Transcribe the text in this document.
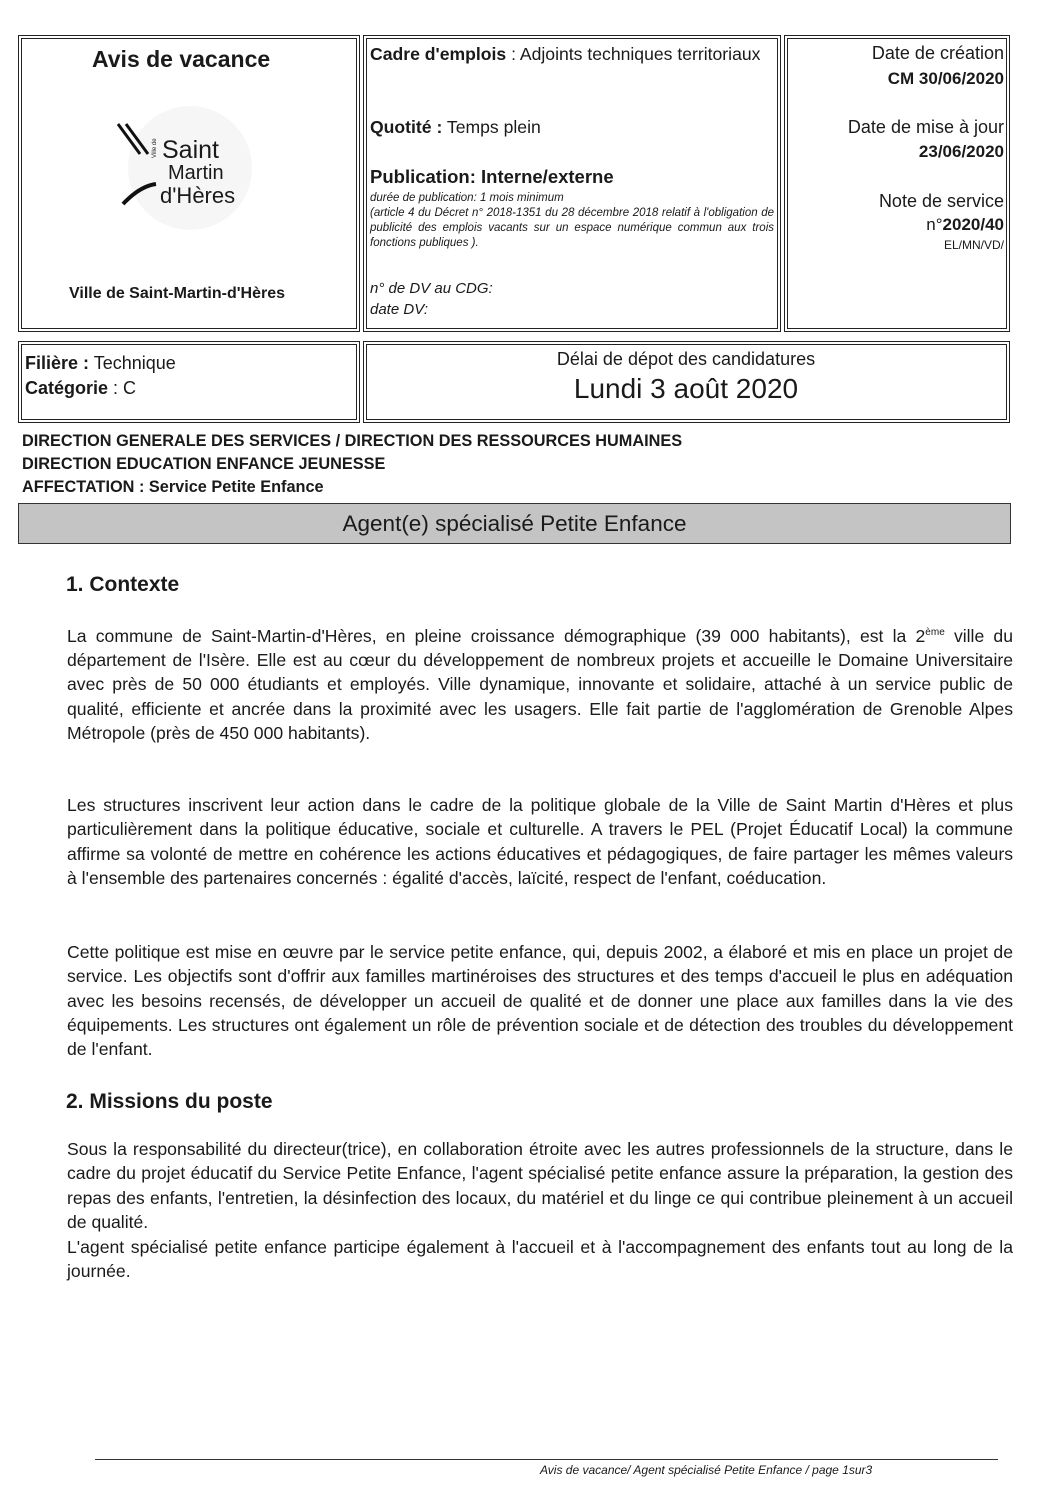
Avis de vacance
Ville de Saint
Martin
d'Hères
Ville de Saint-Martin-d'Hères
Cadre d'emplois : Adjoints techniques territoriaux
Quotité : Temps plein
Publication: Interne/externe
durée de publication: 1 mois minimum
(article 4 du Décret n° 2018-1351 du 28 décembre 2018 relatif à l'obligation de publicité des emplois vacants sur un espace numérique commun aux trois fonctions publiques ).
n° de DV au CDG:
date DV:
Date de création
CM 30/06/2020
Date de mise à jour
23/06/2020
Note de service
n°2020/40
EL/MN/VD/
Filière : Technique
Catégorie : C
Délai de dépot des candidatures
Lundi 3 août 2020
DIRECTION GENERALE DES SERVICES / DIRECTION DES RESSOURCES HUMAINES
DIRECTION EDUCATION ENFANCE JEUNESSE
AFFECTATION : Service Petite Enfance
Agent(e) spécialisé Petite Enfance
1. Contexte

La commune de Saint-Martin-d'Hères, en pleine croissance démographique (39 000 habitants), est la 2ème ville du département de l'Isère. Elle est au cœur du développement de nombreux projets et accueille le Domaine Universitaire avec près de 50 000 étudiants et employés. Ville dynamique, innovante et solidaire, attaché à un service public de qualité, efficiente et ancrée dans la proximité avec les usagers. Elle fait partie de l'agglomération de Grenoble Alpes Métropole (près de 450 000 habitants).

Les structures inscrivent leur action dans le cadre de la politique globale de la Ville de Saint Martin d'Hères et plus particulièrement dans la politique éducative, sociale et culturelle. A travers le PEL (Projet Éducatif Local) la commune affirme sa volonté de mettre en cohérence les actions éducatives et pédagogiques, de faire partager les mêmes valeurs à l'ensemble des partenaires concernés : égalité d'accès, laïcité, respect de l'enfant, coéducation.

Cette politique est mise en œuvre par le service petite enfance, qui, depuis 2002, a élaboré et mis en place un projet de service. Les objectifs sont d'offrir aux familles martinéroises des structures et des temps d'accueil le plus en adéquation avec les besoins recensés, de développer un accueil de qualité et de donner une place aux familles dans la vie des équipements. Les structures ont également un rôle de prévention sociale et de détection des troubles du développement de l'enfant.

2. Missions du poste

Sous la responsabilité du directeur(trice), en collaboration étroite avec les autres professionnels de la structure, dans le cadre du projet éducatif du Service Petite Enfance, l'agent spécialisé petite enfance assure la préparation, la gestion des repas des enfants, l'entretien, la désinfection des locaux, du matériel et du linge ce qui contribue pleinement à un accueil de qualité.

L'agent spécialisé petite enfance participe également à l'accueil et à l'accompagnement des enfants tout au long de la journée.

Avis de vacance/ Agent spécialisé Petite Enfance / page 1sur3
